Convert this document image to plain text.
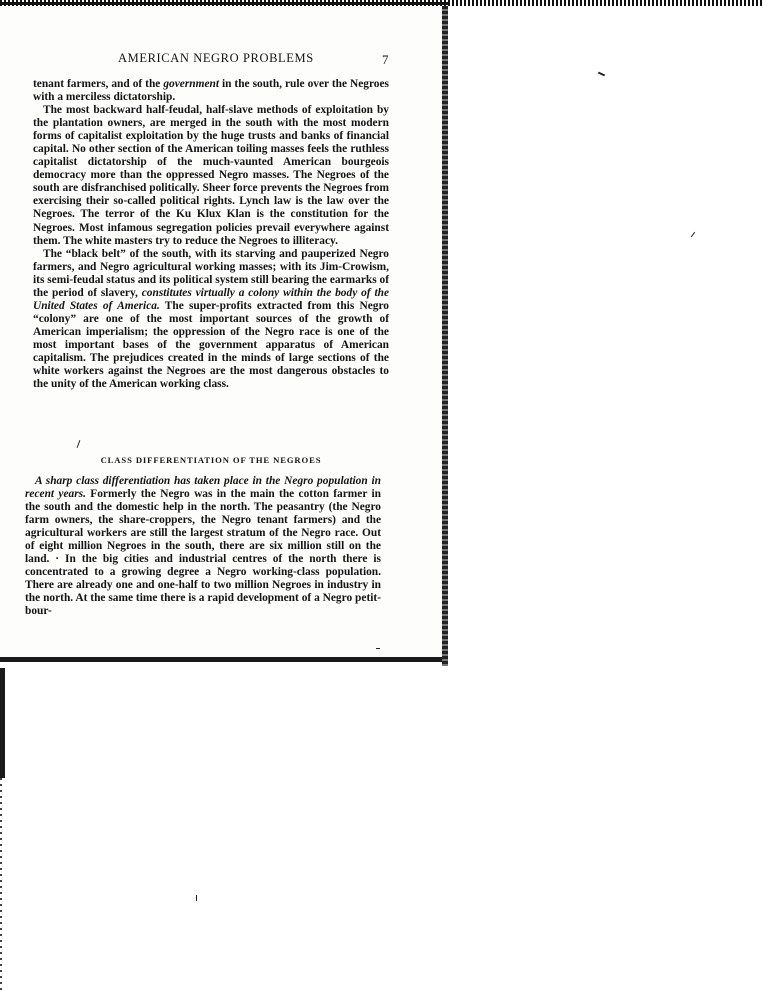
AMERICAN NEGRO PROBLEMS	7

tenant farmers, and of the government in the south, rule over the Negroes with a merciless dictatorship.

The most backward half-feudal, half-slave methods of exploitation by the plantation owners, are merged in the south with the most modern forms of capitalist exploitation by the huge trusts and banks of financial capital. No other section of the American toiling masses feels the ruthless capitalist dictatorship of the much-vaunted American bourgeois democracy more than the oppressed Negro masses. The Negroes of the south are disfranchised politically. Sheer force prevents the Negroes from exercising their so-called political rights. Lynch law is the law over the Negroes. The terror of the Ku Klux Klan is the constitution for the Negroes. Most infamous segregation policies prevail everywhere against them. The white masters try to reduce the Negroes to illiteracy.

The “black belt” of the south, with its starving and pauperized Negro farmers, and Negro agricultural working masses; with its Jim-Crowism, its semi-feudal status and its political system still bearing the earmarks of the period of slavery, constitutes virtually a colony within the body of the United States of America. The super-profits extracted from this Negro “colony” are one of the most important sources of the growth of American imperialism; the oppression of the Negro race is one of the most important bases of the government apparatus of American capitalism. The prejudices created in the minds of large sections of the white workers against the Negroes are the most dangerous obstacles to the unity of the American working class.

CLASS DIFFERENTIATION OF THE NEGROES

A sharp class differentiation has taken place in the Negro population in recent years. Formerly the Negro was in the main the cotton farmer in the south and the domestic help in the north. The peasantry (the Negro farm owners, the share-croppers, the Negro tenant farmers) and the agricultural workers are still the largest stratum of the Negro race. Out of eight million Negroes in the south, there are six million still on the land. · In the big cities and industrial centres of the north there is concentrated to a growing degree a Negro working-class population. There are already one and one-half to two million Negroes in industry in the north. At the same time there is a rapid development of a Negro petit-bour-
